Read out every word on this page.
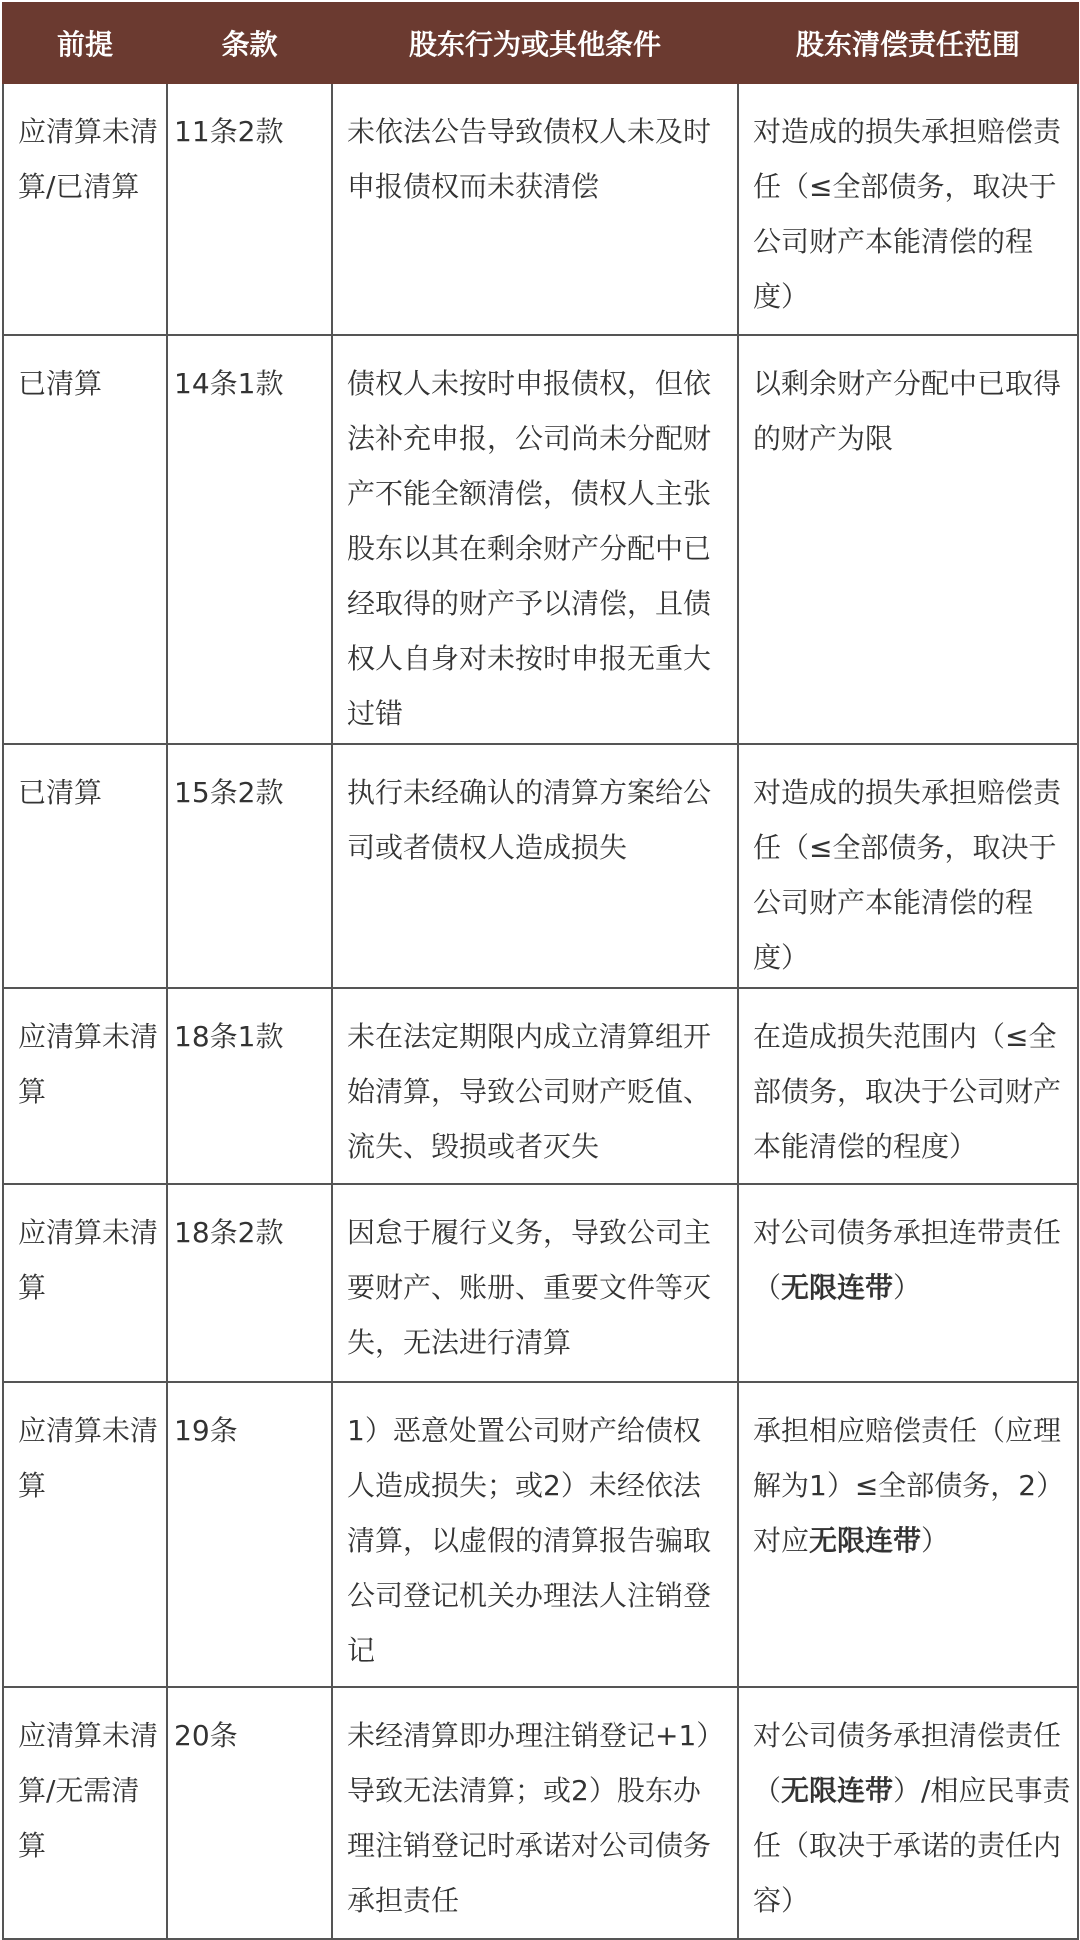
前提	条款	股东行为或其他条件	股东清偿责任范围

应清算未清算/已清算	11条2款	未依法公告导致债权人未及时申报债权而未获清偿	对造成的损失承担赔偿责任（≤全部债务，取决于公司财产本能清偿的程度）

已清算	14条1款	债权人未按时申报债权，但依法补充申报，公司尚未分配财产不能全额清偿，债权人主张股东以其在剩余财产分配中已经取得的财产予以清偿，且债权人自身对未按时申报无重大过错	以剩余财产分配中已取得的财产为限

已清算	15条2款	执行未经确认的清算方案给公司或者债权人造成损失	对造成的损失承担赔偿责任（≤全部债务，取决于公司财产本能清偿的程度）

应清算未清算	18条1款	未在法定期限内成立清算组开始清算，导致公司财产贬值、流失、毁损或者灭失	在造成损失范围内（≤全部债务，取决于公司财产本能清偿的程度）

应清算未清算	18条2款	因怠于履行义务，导致公司主要财产、账册、重要文件等灭失，无法进行清算	对公司债务承担连带责任（无限连带）

应清算未清算	19条	1）恶意处置公司财产给债权人造成损失；或2）未经依法清算，以虚假的清算报告骗取公司登记机关办理法人注销登记	承担相应赔偿责任（应理解为1）≤全部债务，2）对应无限连带）

应清算未清算/无需清算	20条	未经清算即办理注销登记+1）导致无法清算；或2）股东办理注销登记时承诺对公司债务承担责任	对公司债务承担清偿责任（无限连带）/相应民事责任（取决于承诺的责任内容）
